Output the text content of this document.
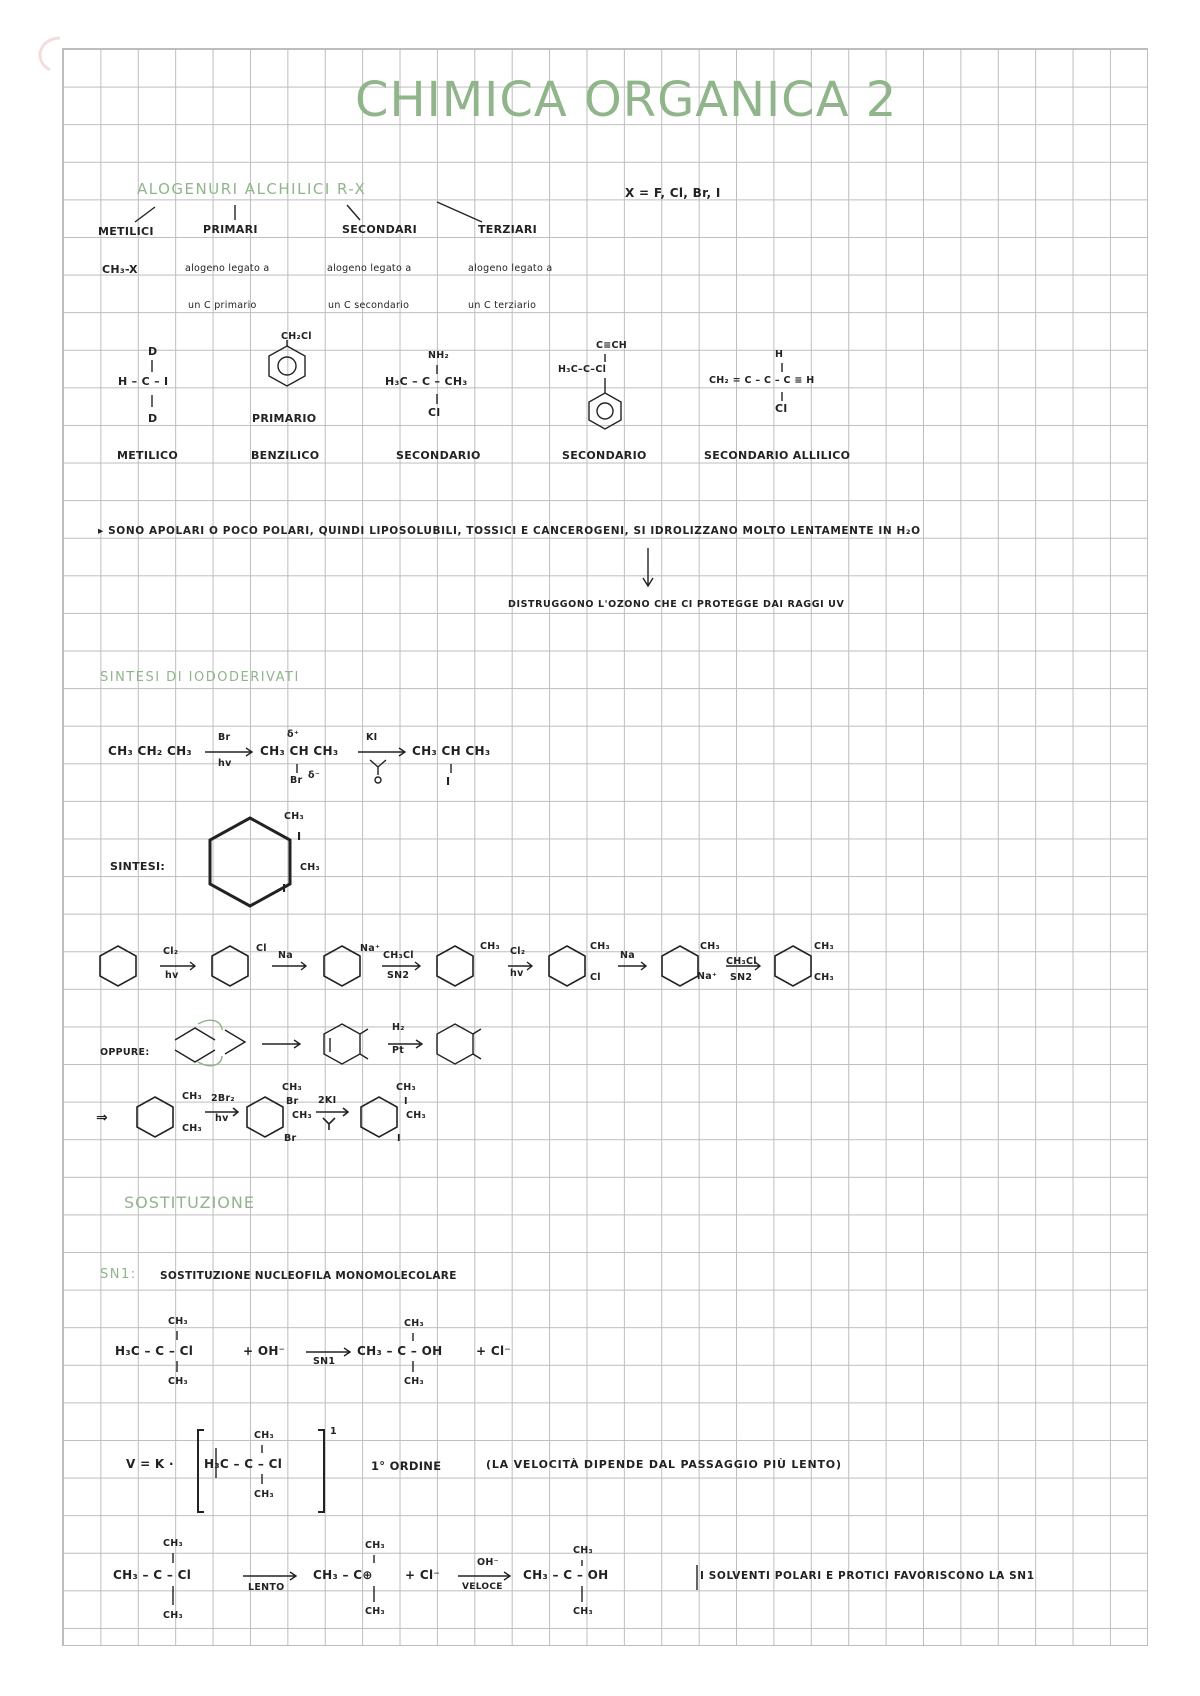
CHIMICA ORGANICA 2
ALOGENURI ALCHILICI R-X	X = F, Cl, Br, I
METILICI	PRIMARI	SECONDARI	TERZIARI
CH₃-X	alogeno legato a	alogeno legato a	alogeno legato a
un C primario	un C secondario	un C terziario
D
H – C – I
D
METILICO
CH₂Cl
PRIMARIO
BENZILICO
NH₂
H₃C – C – CH₃
Cl
SECONDARIO
C≡CH
H₃C–C–Cl
SECONDARIO
H
CH₂ = C – C – C ≡ H
Cl
SECONDARIO ALLILICO
▸ SONO APOLARI O POCO POLARI, QUINDI LIPOSOLUBILI, TOSSICI E CANCEROGENI, SI IDROLIZZANO MOLTO LENTAMENTE IN H₂O
DISTRUGGONO L'OZONO CHE CI PROTEGGE DAI RAGGI UV
SINTESI DI IODODERIVATI
CH₃ CH₂ CH₃
Br
hv
δ⁺
CH₃ CH CH₃
Br δ⁻
KI
CH₃ CH CH₃
I
SINTESI:
CH₃
I
CH₃
I
Cl₂
hv
Na	CH₃Cl
SN2
Cl₂
hv
Na
CH₃Cl
SN2
Cl	Na⁺	CH₃	CH₃
Cl
CH₃
Na⁺
CH₃
CH₃
OPPURE:
H₂
Pt
⇒
CH₃
CH₃
2Br₂
hv
CH₃
Br
CH₃
Br
2KI
CH₃
I
CH₃
I
SOSTITUZIONE
SN1: SOSTITUZIONE NUCLEOFILA MONOMOLECOLARE
CH₃
H₃C – C – Cl
CH₃
+ OH⁻
SN1
CH₃
CH₃ – C – OH
CH₃
+ Cl⁻
V = K ·
CH₃
H₃C – C – Cl
CH₃
1
1° ORDINE	(LA VELOCITÀ DIPENDE DAL PASSAGGIO PIÙ LENTO)
CH₃
CH₃ – C – Cl
CH₃
LENTO
CH₃
CH₃ – C⊕
CH₃
+ Cl⁻
OH⁻
VELOCE
CH₃
CH₃ – C – OH
CH₃
I SOLVENTI POLARI E PROTICI FAVORISCONO LA SN1
